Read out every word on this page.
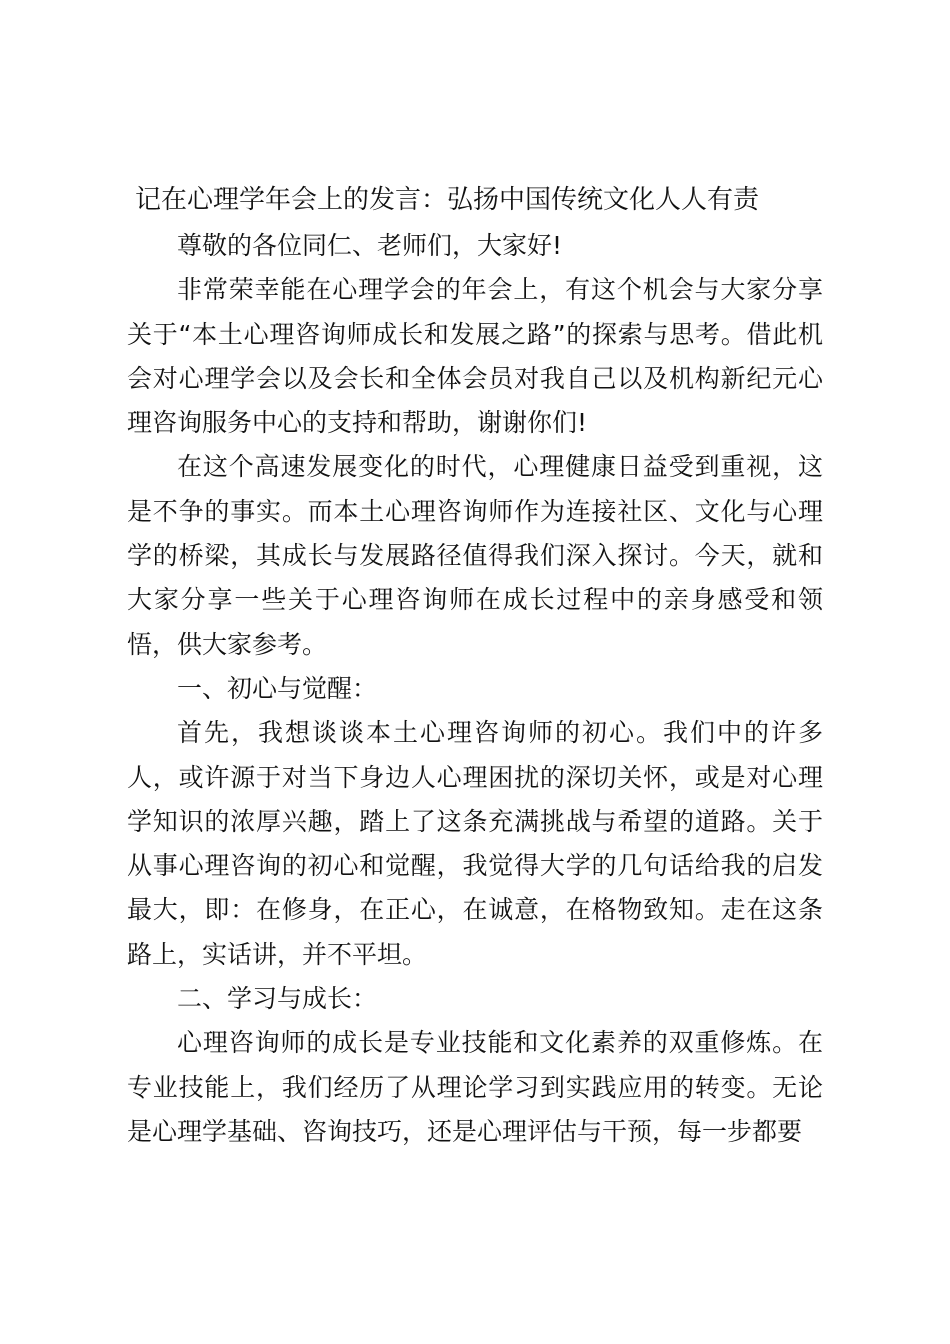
记在心理学年会上的发言：弘扬中国传统文化人人有责

尊敬的各位同仁、老师们，大家好!

非常荣幸能在心理学会的年会上，有这个机会与大家分享关于“本土心理咨询师成长和发展之路”的探索与思考。借此机会对心理学会以及会长和全体会员对我自己以及机构新纪元心理咨询服务中心的支持和帮助，谢谢你们!

在这个高速发展变化的时代，心理健康日益受到重视，这是不争的事实。而本土心理咨询师作为连接社区、文化与心理学的桥梁，其成长与发展路径值得我们深入探讨。今天，就和大家分享一些关于心理咨询师在成长过程中的亲身感受和领悟，供大家参考。

一、初心与觉醒：

首先，我想谈谈本土心理咨询师的初心。我们中的许多人，或许源于对当下身边人心理困扰的深切关怀，或是对心理学知识的浓厚兴趣，踏上了这条充满挑战与希望的道路。关于从事心理咨询的初心和觉醒，我觉得大学的几句话给我的启发最大，即：在修身，在正心，在诚意，在格物致知。走在这条路上，实话讲，并不平坦。

二、学习与成长：

心理咨询师的成长是专业技能和文化素养的双重修炼。在专业技能上，我们经历了从理论学习到实践应用的转变。无论是心理学基础、咨询技巧，还是心理评估与干预，每一步都要
